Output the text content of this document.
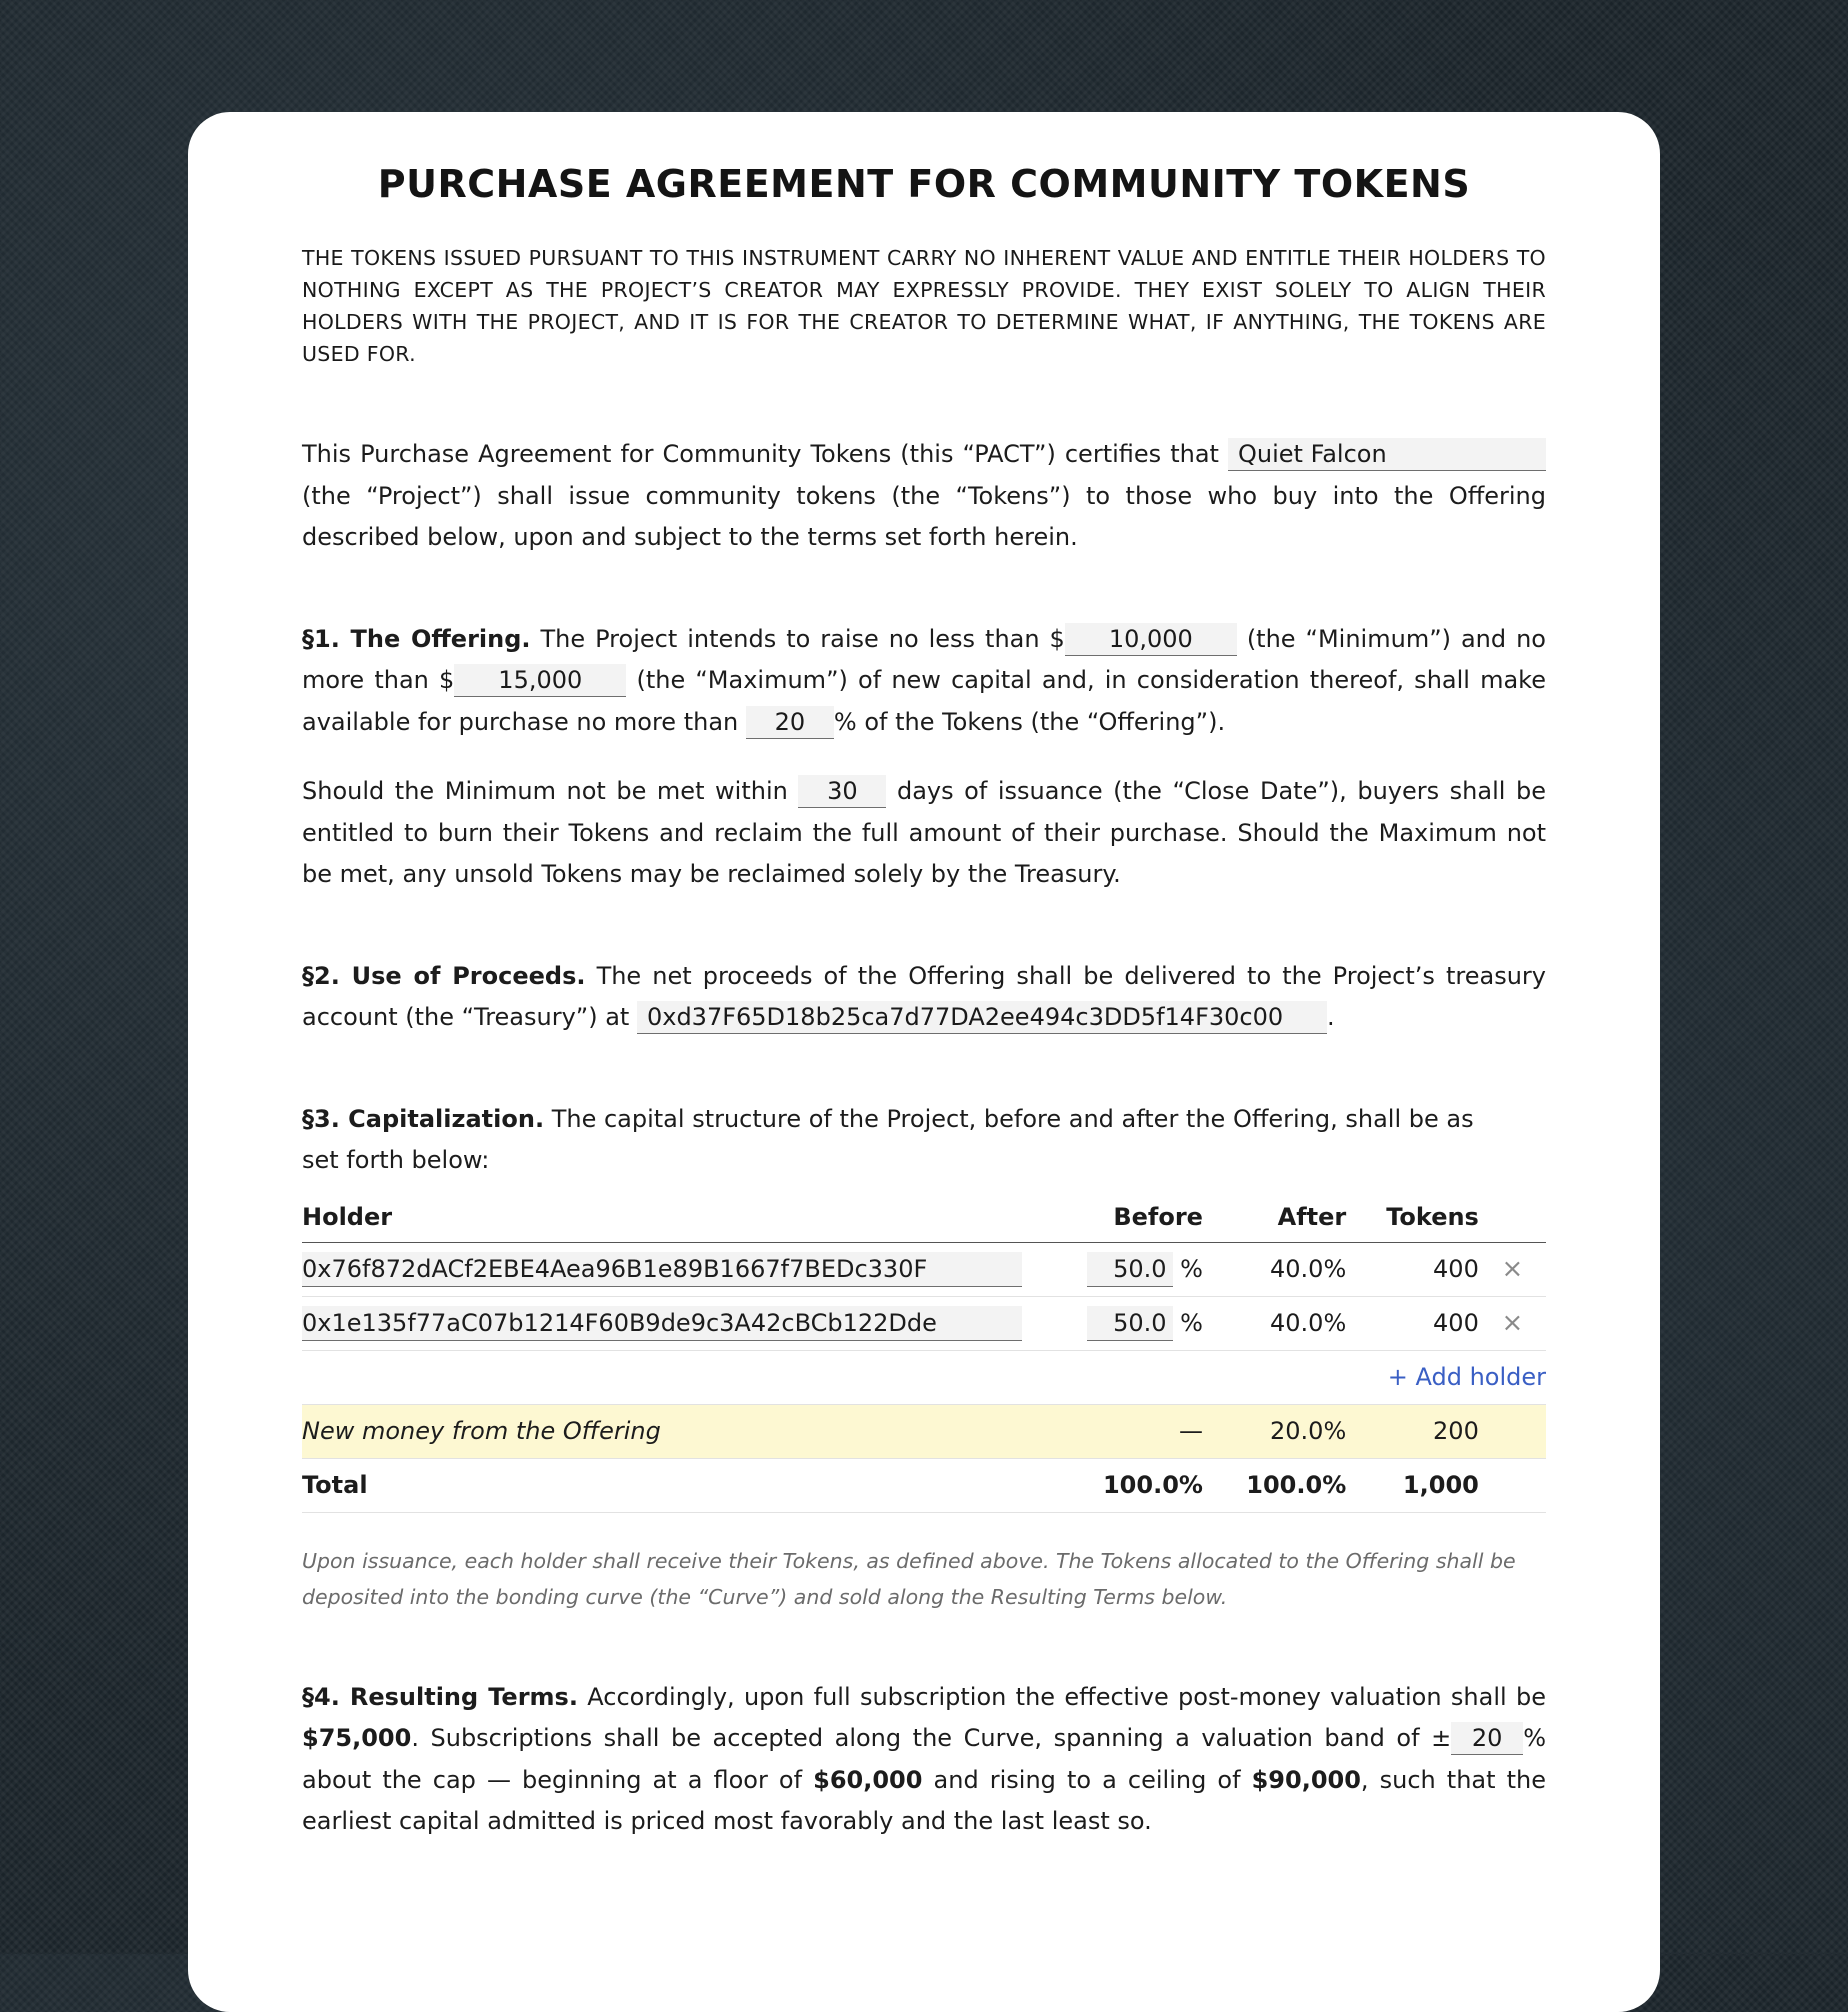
PURCHASE AGREEMENT FOR COMMUNITY TOKENS

THE TOKENS ISSUED PURSUANT TO THIS INSTRUMENT CARRY NO INHERENT VALUE AND ENTITLE THEIR HOLDERS TO NOTHING EXCEPT AS THE PROJECT’S CREATOR MAY EXPRESSLY PROVIDE. THEY EXIST SOLELY TO ALIGN THEIR HOLDERS WITH THE PROJECT, AND IT IS FOR THE CREATOR TO DETERMINE WHAT, IF ANYTHING, THE TOKENS ARE USED FOR.

This Purchase Agreement for Community Tokens (this “PACT”) certifies that Quiet Falcon (the “Project”) shall issue community tokens (the “Tokens”) to those who buy into the Offering described below, upon and subject to the terms set forth herein.

§1. The Offering. The Project intends to raise no less than $ 10,000 (the “Minimum”) and no more than $ 15,000 (the “Maximum”) of new capital and, in consideration thereof, shall make available for purchase no more than 20 % of the Tokens (the “Offering”).

Should the Minimum not be met within 30 days of issuance (the “Close Date”), buyers shall be entitled to burn their Tokens and reclaim the full amount of their purchase. Should the Maximum not be met, any unsold Tokens may be reclaimed solely by the Treasury.

§2. Use of Proceeds. The net proceeds of the Offering shall be delivered to the Project’s treasury account (the “Treasury”) at 0xd37F65D18b25ca7d77DA2ee494c3DD5f14F30c00 .

§3. Capitalization. The capital structure of the Project, before and after the Offering, shall be as set forth below:

Holder	Before	After	Tokens	
0x76f872dACf2EBE4Aea96B1e89B1667f7BEDc330F	50.0 %	40.0%	400	×
0x1e135f77aC07b1214F60B9de9c3A42cBCb122Dde	50.0 %	40.0%	400	×
+ Add holder				
New money from the Offering	—	20.0%	200	
Total	100.0%	100.0%	1,000	

Upon issuance, each holder shall receive their Tokens, as defined above. The Tokens allocated to the Offering shall be deposited into the bonding curve (the “Curve”) and sold along the Resulting Terms below.

§4. Resulting Terms. Accordingly, upon full subscription the effective post-money valuation shall be $75,000. Subscriptions shall be accepted along the Curve, spanning a valuation band of ± 20 % about the cap — beginning at a floor of $60,000 and rising to a ceiling of $90,000, such that the earliest capital admitted is priced most favorably and the last least so.
